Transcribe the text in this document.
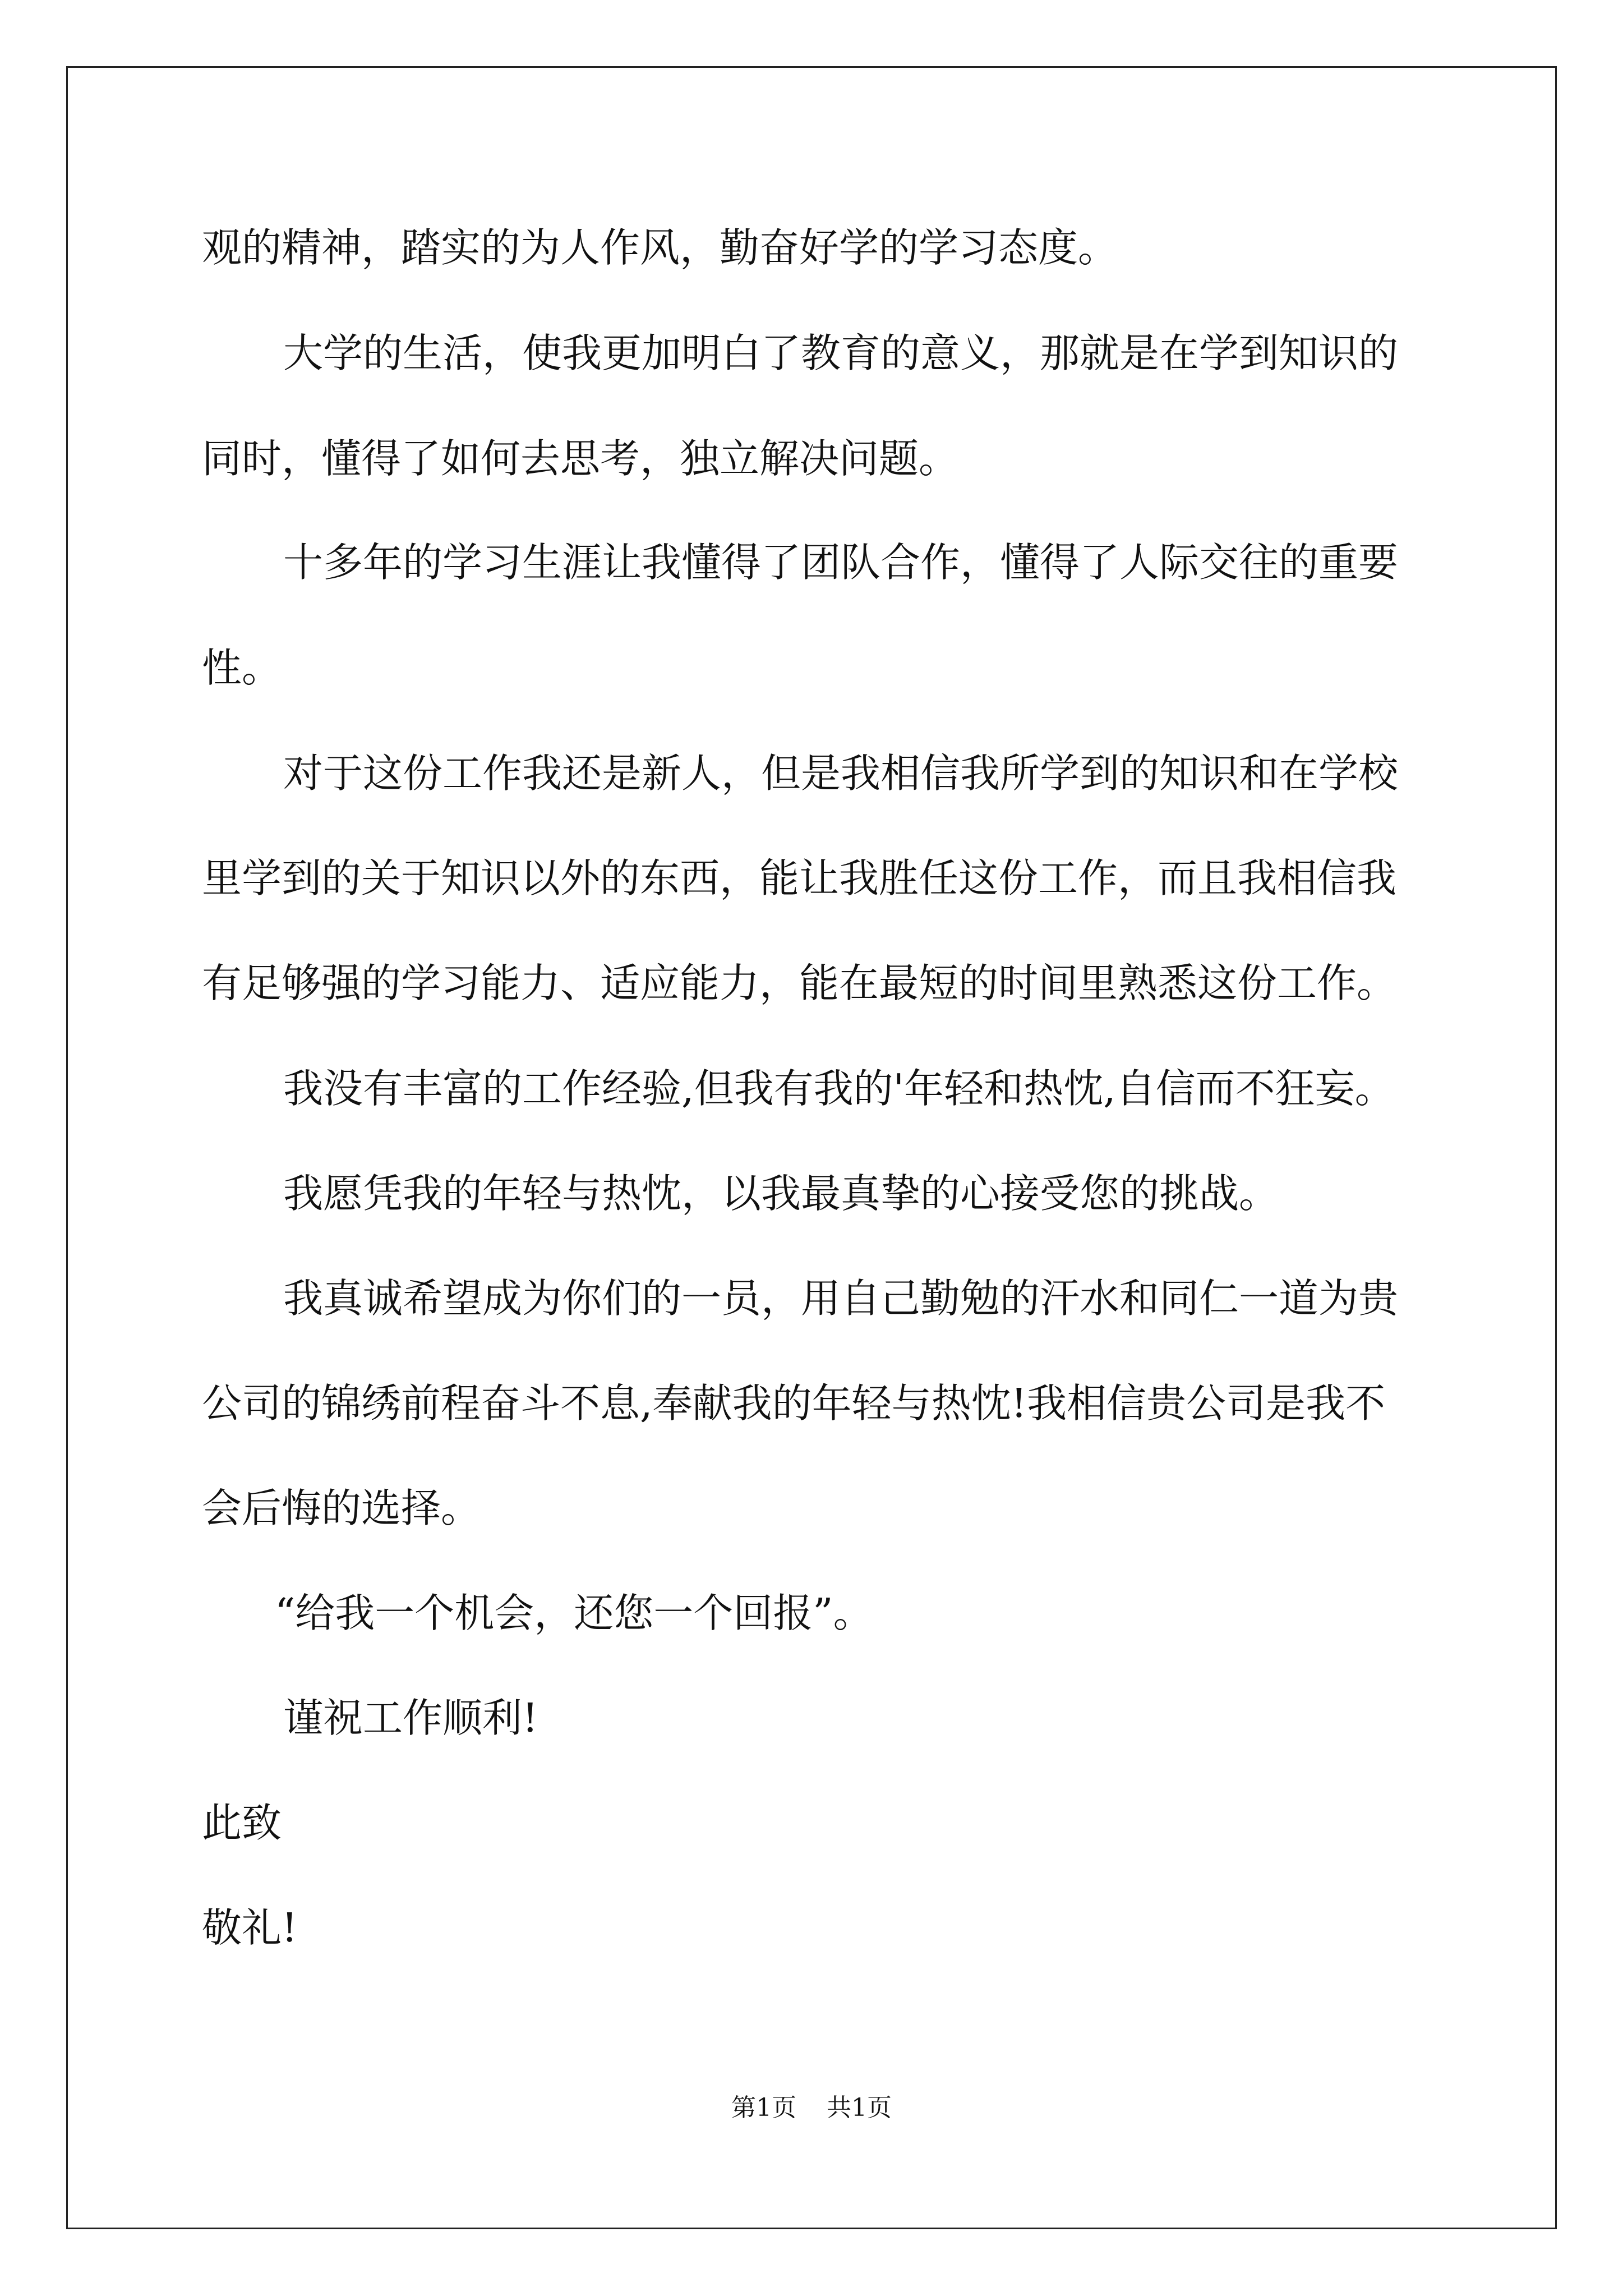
观的精神，踏实的为人作风，勤奋好学的学习态度。
大学的生活，使我更加明白了教育的意义，那就是在学到知识的
同时，懂得了如何去思考，独立解决问题。
十多年的学习生涯让我懂得了团队合作，懂得了人际交往的重要
性。
对于这份工作我还是新人，但是我相信我所学到的知识和在学校
里学到的关于知识以外的东西，能让我胜任这份工作，而且我相信我
有足够强的学习能力、适应能力，能在最短的时间里熟悉这份工作。
我没有丰富的工作经验,但我有我的'年轻和热忱,自信而不狂妄。
我愿凭我的年轻与热忱，以我最真挚的心接受您的挑战。
我真诚希望成为你们的一员，用自己勤勉的汗水和同仁一道为贵
公司的锦绣前程奋斗不息,奉献我的年轻与热忱!我相信贵公司是我不
会后悔的选择。
“给我一个机会，还您一个回报”。
谨祝工作顺利!
此致
敬礼!
第1页 共1页
